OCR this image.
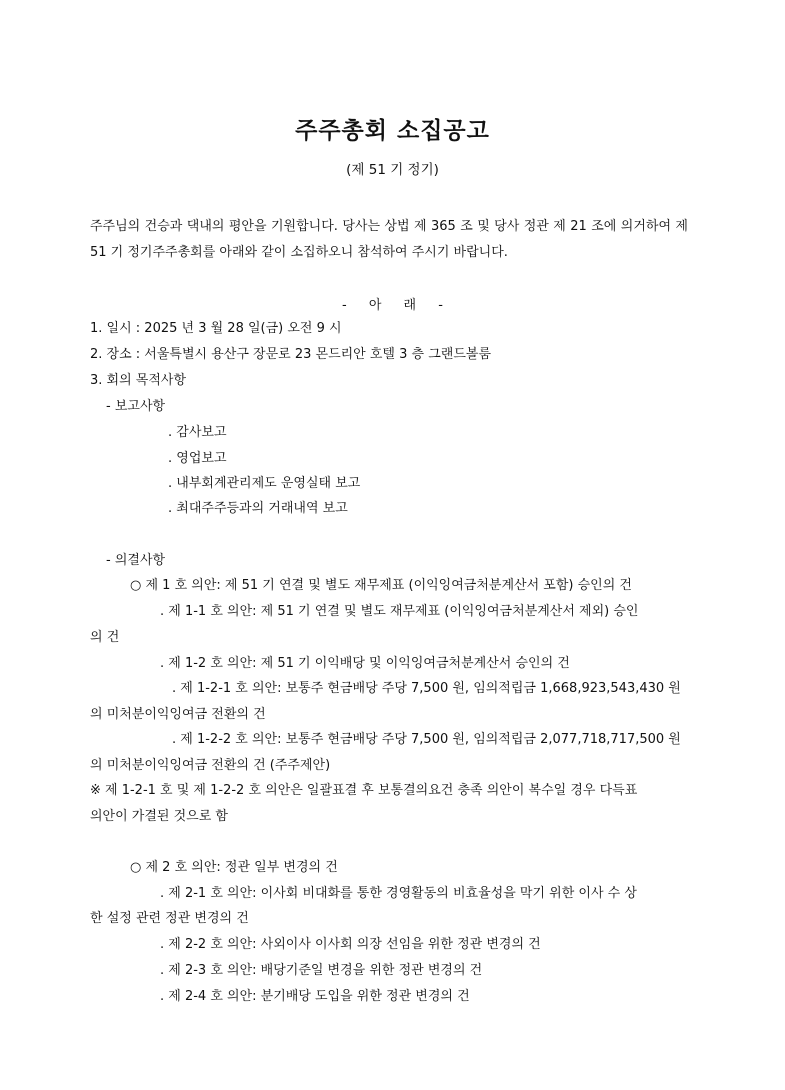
주주총회 소집공고
(제 51 기 정기)
주주님의 건승과 댁내의 평안을 기원합니다. 당사는 상법 제 365 조 및 당사 정관 제 21 조에 의거하여 제 51 기 정기주주총회를 아래와 같이 소집하오니 참석하여 주시기 바랍니다.
- 아 래 -
1. 일시 : 2025 년 3 월 28 일(금) 오전 9 시
2. 장소 : 서울특별시 용산구 장문로 23 몬드리안 호텔 3 층 그랜드볼룸
3. 회의 목적사항
- 보고사항
. 감사보고
. 영업보고
. 내부회계관리제도 운영실태 보고
. 최대주주등과의 거래내역 보고
- 의결사항
○ 제 1 호 의안: 제 51 기 연결 및 별도 재무제표 (이익잉여금처분계산서 포함) 승인의 건
. 제 1-1 호 의안: 제 51 기 연결 및 별도 재무제표 (이익잉여금처분계산서 제외) 승인
의 건
. 제 1-2 호 의안: 제 51 기 이익배당 및 이익잉여금처분계산서 승인의 건
. 제 1-2-1 호 의안: 보통주 현금배당 주당 7,500 원, 임의적립금 1,668,923,543,430 원
의 미처분이익잉여금 전환의 건
. 제 1-2-2 호 의안: 보통주 현금배당 주당 7,500 원, 임의적립금 2,077,718,717,500 원
의 미처분이익잉여금 전환의 건 (주주제안)
※ 제 1-2-1 호 및 제 1-2-2 호 의안은 일괄표결 후 보통결의요건 충족 의안이 복수일 경우 다득표
의안이 가결된 것으로 함
○ 제 2 호 의안: 정관 일부 변경의 건
. 제 2-1 호 의안: 이사회 비대화를 통한 경영활동의 비효율성을 막기 위한 이사 수 상
한 설정 관련 정관 변경의 건
. 제 2-2 호 의안: 사외이사 이사회 의장 선임을 위한 정관 변경의 건
. 제 2-3 호 의안: 배당기준일 변경을 위한 정관 변경의 건
. 제 2-4 호 의안: 분기배당 도입을 위한 정관 변경의 건
